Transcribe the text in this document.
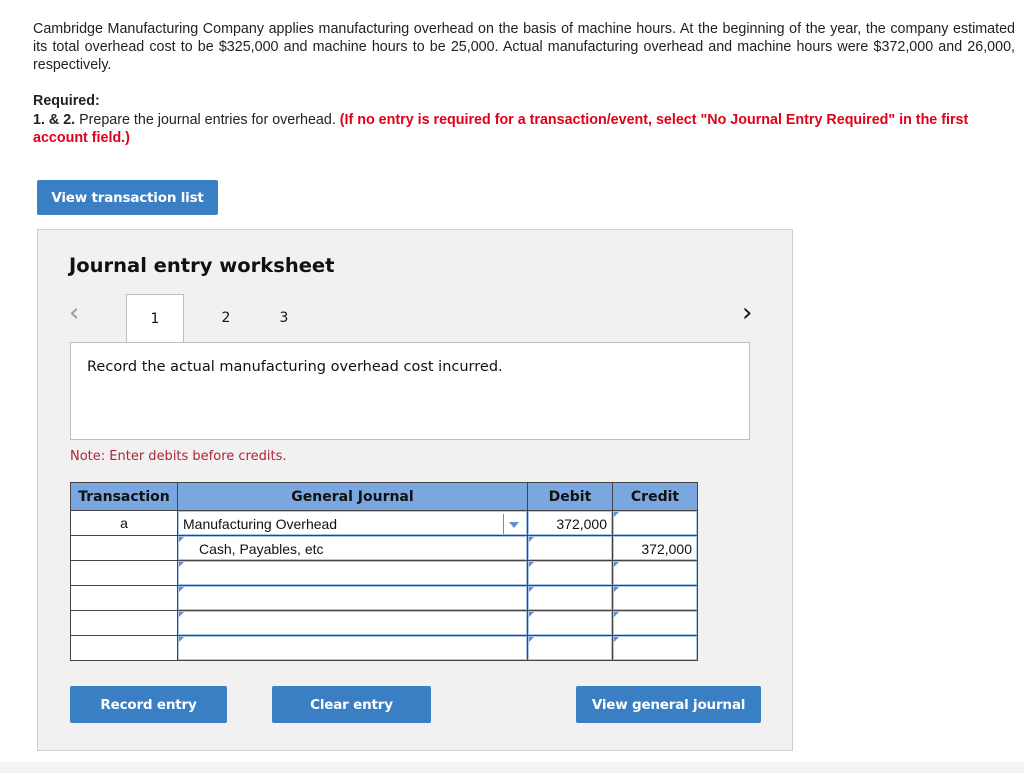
Cambridge Manufacturing Company applies manufacturing overhead on the basis of machine hours. At the beginning of the year, the company estimated its total overhead cost to be $325,000 and machine hours to be 25,000. Actual manufacturing overhead and machine hours were $372,000 and 26,000, respectively.
Required:
1. & 2. Prepare the journal entries for overhead. (If no entry is required for a transaction/event, select "No Journal Entry Required" in the first account field.)
View transaction list
Journal entry worksheet
‹	1	2	3	›
Record the actual manufacturing overhead cost incurred.
Note: Enter debits before credits.
Transaction	General Journal	Debit	Credit

a	Manufacturing Overhead	372,000	

	Cash, Payables, etc		372,000

Record entry	Clear entry	View general journal
